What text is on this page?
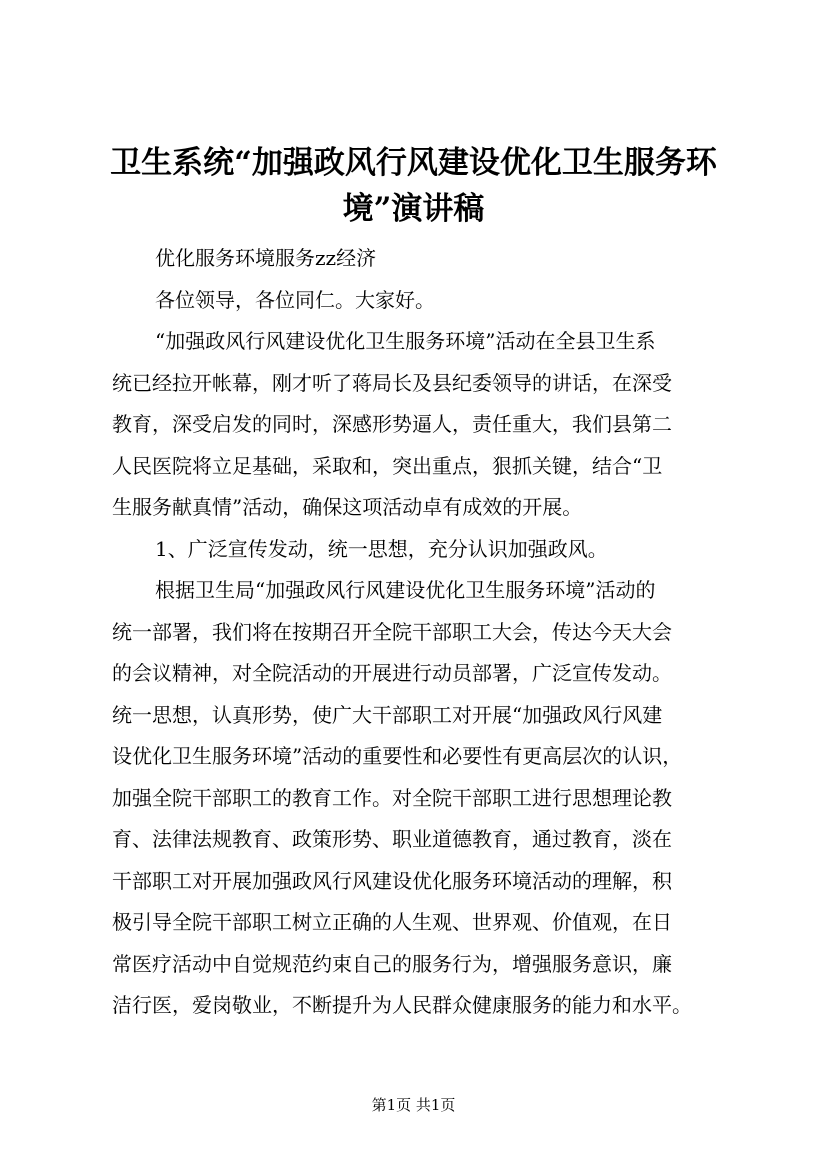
卫生系统“加强政风行风建设优化卫生服务环
境”演讲稿
优化服务环境服务zz经济
各位领导，各位同仁。大家好。
“加强政风行风建设优化卫生服务环境”活动在全县卫生系
统已经拉开帐幕，刚才听了蒋局长及县纪委领导的讲话，在深受
教育，深受启发的同时，深感形势逼人，责任重大，我们县第二
人民医院将立足基础，采取和，突出重点，狠抓关键，结合“卫
生服务献真情”活动，确保这项活动卓有成效的开展。
1、广泛宣传发动，统一思想，充分认识加强政风。
根据卫生局“加强政风行风建设优化卫生服务环境”活动的
统一部署，我们将在按期召开全院干部职工大会，传达今天大会
的会议精神，对全院活动的开展进行动员部署，广泛宣传发动。
统一思想，认真形势，使广大干部职工对开展“加强政风行风建
设优化卫生服务环境”活动的重要性和必要性有更高层次的认识，
加强全院干部职工的教育工作。对全院干部职工进行思想理论教
育、法律法规教育、政策形势、职业道德教育，通过教育，淡在
干部职工对开展加强政风行风建设优化服务环境活动的理解，积
极引导全院干部职工树立正确的人生观、世界观、价值观，在日
常医疗活动中自觉规范约束自己的服务行为，增强服务意识，廉
洁行医，爱岗敬业，不断提升为人民群众健康服务的能力和水平。
第1页 共1页
